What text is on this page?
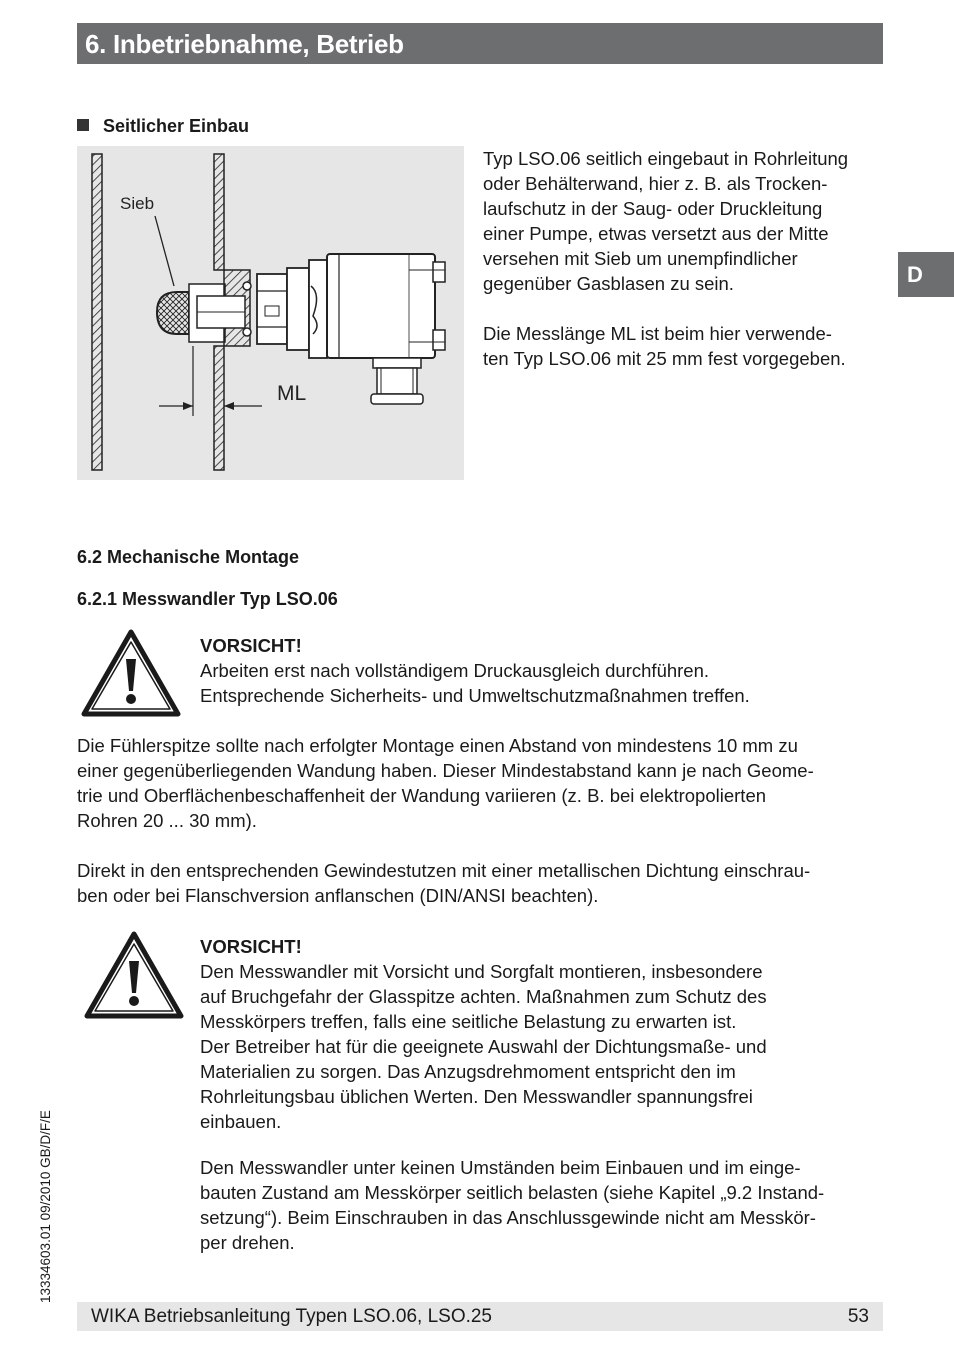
6. Inbetriebnahme, Betrieb
D
Seitlicher Einbau
Sieb
ML
Typ LSO.06 seitlich eingebaut in Rohrleitung
oder Behälterwand, hier z. B. als Trocken-
laufschutz in der Saug- oder Druckleitung
einer Pumpe, etwas versetzt aus der Mitte
versehen mit Sieb um unempfindlicher
gegenüber Gasblasen zu sein.
Die Messlänge ML ist beim hier verwende-
ten Typ LSO.06 mit 25 mm fest vorgegeben.
6.2 Mechanische Montage
6.2.1 Messwandler Typ LSO.06
VORSICHT!
Arbeiten erst nach vollständigem Druckausgleich durchführen.
Entsprechende Sicherheits- und Umweltschutzmaßnahmen treffen.
Die Fühlerspitze sollte nach erfolgter Montage einen Abstand von mindestens 10 mm zu
einer gegenüberliegenden Wandung haben. Dieser Mindestabstand kann je nach Geome-
trie und Oberflächenbeschaffenheit der Wandung variieren (z. B. bei elektropolierten
Rohren 20 ... 30 mm).
Direkt in den entsprechenden Gewindestutzen mit einer metallischen Dichtung einschrau-
ben oder bei Flanschversion anflanschen (DIN/ANSI beachten).
VORSICHT!
Den Messwandler mit Vorsicht und Sorgfalt montieren, insbesondere
auf Bruchgefahr der Glasspitze achten. Maßnahmen zum Schutz des
Messkörpers treffen, falls eine seitliche Belastung zu erwarten ist.
Der Betreiber hat für die geeignete Auswahl der Dichtungsmaße- und
Materialien zu sorgen. Das Anzugsdrehmoment entspricht den im
Rohrleitungsbau üblichen Werten. Den Messwandler spannungsfrei
einbauen.
Den Messwandler unter keinen Umständen beim Einbauen und im einge-
bauten Zustand am Messkörper seitlich belasten (siehe Kapitel „9.2 Instand-
setzung“). Beim Einschrauben in das Anschlussgewinde nicht am Messkör-
per drehen.
13334603.01 09/2010 GB/D/F/E
WIKA Betriebsanleitung Typen LSO.06, LSO.25	53
